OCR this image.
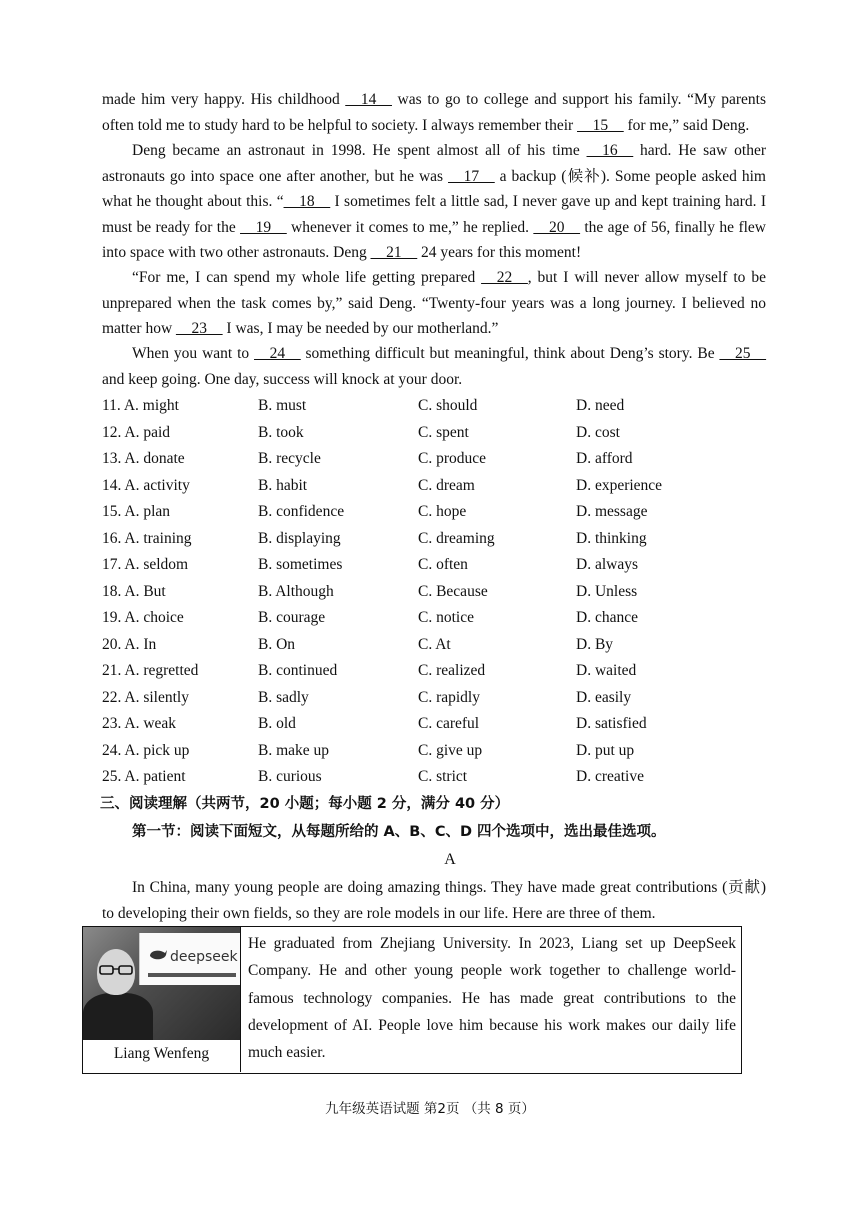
made him very happy. His childhood __14__ was to go to college and support his family. “My parents often told me to study hard to be helpful to society. I always remember their __15__ for me,” said Deng.
Deng became an astronaut in 1998. He spent almost all of his time __16__ hard. He saw other astronauts go into space one after another, but he was __17__ a backup (候补). Some people asked him what he thought about this. “__18__ I sometimes felt a little sad, I never gave up and kept training hard. I must be ready for the __19__ whenever it comes to me,” he replied. __20__ the age of 56, finally he flew into space with two other astronauts. Deng __21__ 24 years for this moment!
“For me, I can spend my whole life getting prepared __22__, but I will never allow myself to be unprepared when the task comes by,” said Deng. “Twenty-four years was a long journey. I believed no matter how __23__ I was, I may be needed by our motherland.”
When you want to __24__ something difficult but meaningful, think about Deng’s story. Be __25__ and keep going. One day, success will knock at your door.
11. A. might	B. must	C. should	D. need
12. A. paid	B. took	C. spent	D. cost
13. A. donate	B. recycle	C. produce	D. afford
14. A. activity	B. habit	C. dream	D. experience
15. A. plan	B. confidence	C. hope	D. message
16. A. training	B. displaying	C. dreaming	D. thinking
17. A. seldom	B. sometimes	C. often	D. always
18. A. But	B. Although	C. Because	D. Unless
19. A. choice	B. courage	C. notice	D. chance
20. A. In	B. On	C. At	D. By
21. A. regretted	B. continued	C. realized	D. waited
22. A. silently	B. sadly	C. rapidly	D. easily
23. A. weak	B. old	C. careful	D. satisfied
24. A. pick up	B. make up	C. give up	D. put up
25. A. patient	B. curious	C. strict	D. creative
三、阅读理解（共两节，20 小题；每小题 2 分，满分 40 分）
第一节：阅读下面短文，从每题所给的 A、B、C、D 四个选项中，选出最佳选项。
A
In China, many young people are doing amazing things. They have made great contributions (贡献) to developing their own fields, so they are role models in our life. Here are three of them.
deepseek
Liang Wenfeng
He graduated from Zhejiang University. In 2023, Liang set up DeepSeek Company. He and other young people work together to challenge world-famous technology companies. He has made great contributions to the development of AI. People love him because his work makes our daily life much easier.
九年级英语试题 第2页 （共 8 页）
